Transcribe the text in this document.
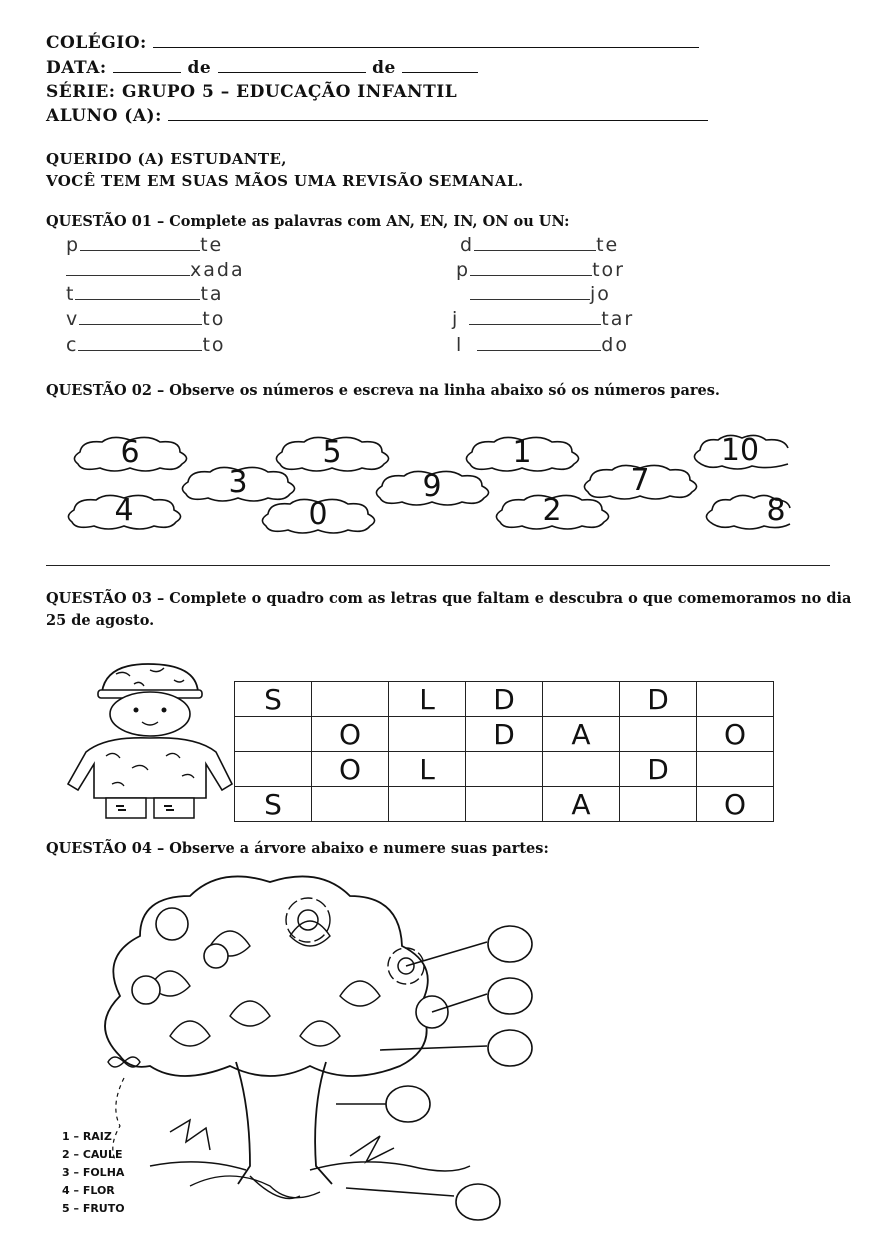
COLÉGIO:
DATA:	de	de
SÉRIE: GRUPO 5 – EDUCAÇÃO INFANTIL
ALUNO (A):
QUERIDO (A) ESTUDANTE,
VOCÊ TEM EM SUAS MÃOS UMA REVISÃO SEMANAL.
QUESTÃO 01 – Complete as palavras com AN, EN, IN, ON ou UN:
p	te
xada
t	ta
v	to
c	to
d	te
p	tor
jo
j	tar
l	do
QUESTÃO 02 – Observe os números e escreva na linha abaixo só os números pares.
6	5	1	10
3	9	7
4	0	2	8
QUESTÃO 03 – Complete o quadro com as letras que faltam e descubra o que comemoramos no dia
25 de agosto.
S		L	D		D	
	O		D	A		O
	O	L			D	
S				A		O
QUESTÃO 04 – Observe a árvore abaixo e numere suas partes:
1 – RAIZ
2 – CAULE
3 – FOLHA
4 – FLOR
5 – FRUTO
